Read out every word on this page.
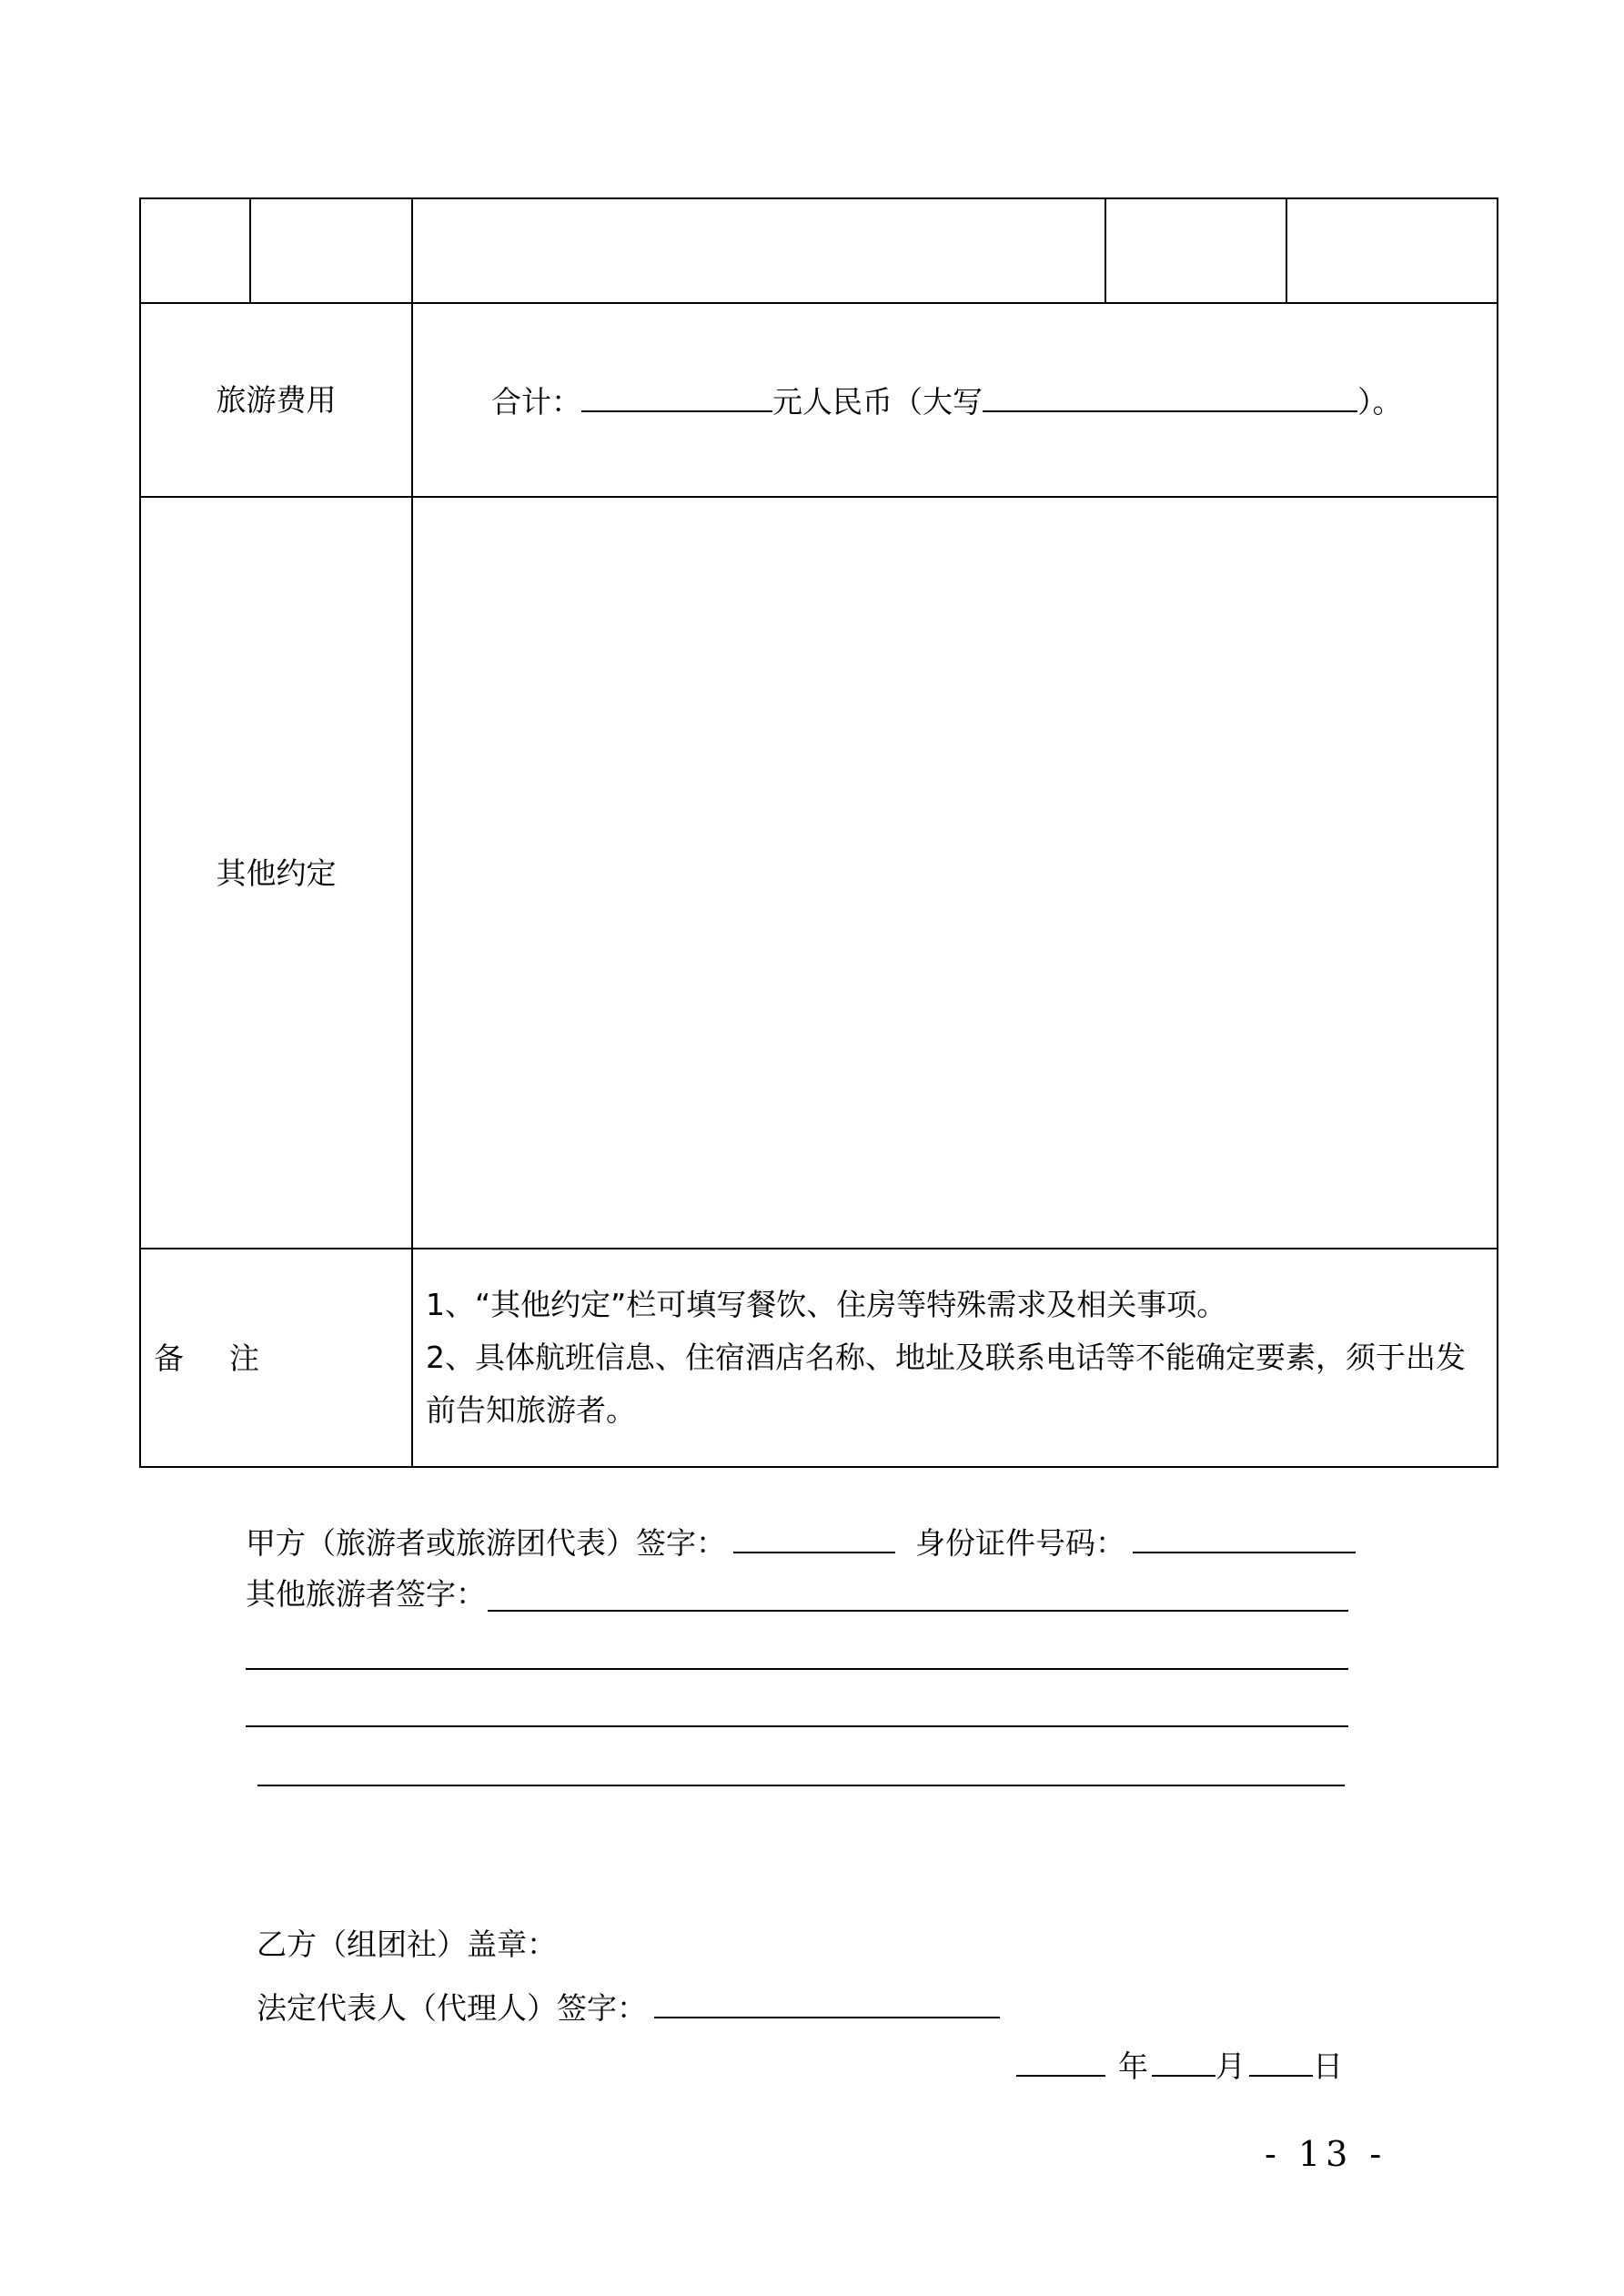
旅游费用		合计： 元人民币（大写 ）。		
其他约定				
备 注		1、“其他约定”栏可填写餐饮、住房等特殊需求及相关事项。

2、具体航班信息、住宿酒店名称、地址及联系电话等不能确定要素，须于出发前告知旅游者。		

甲方（旅游者或旅游团代表）签字：	身份证件号码：
其他旅游者签字：
乙方（组团社）盖章：
法定代表人（代理人）签字：
年 月 日
- 13 -
